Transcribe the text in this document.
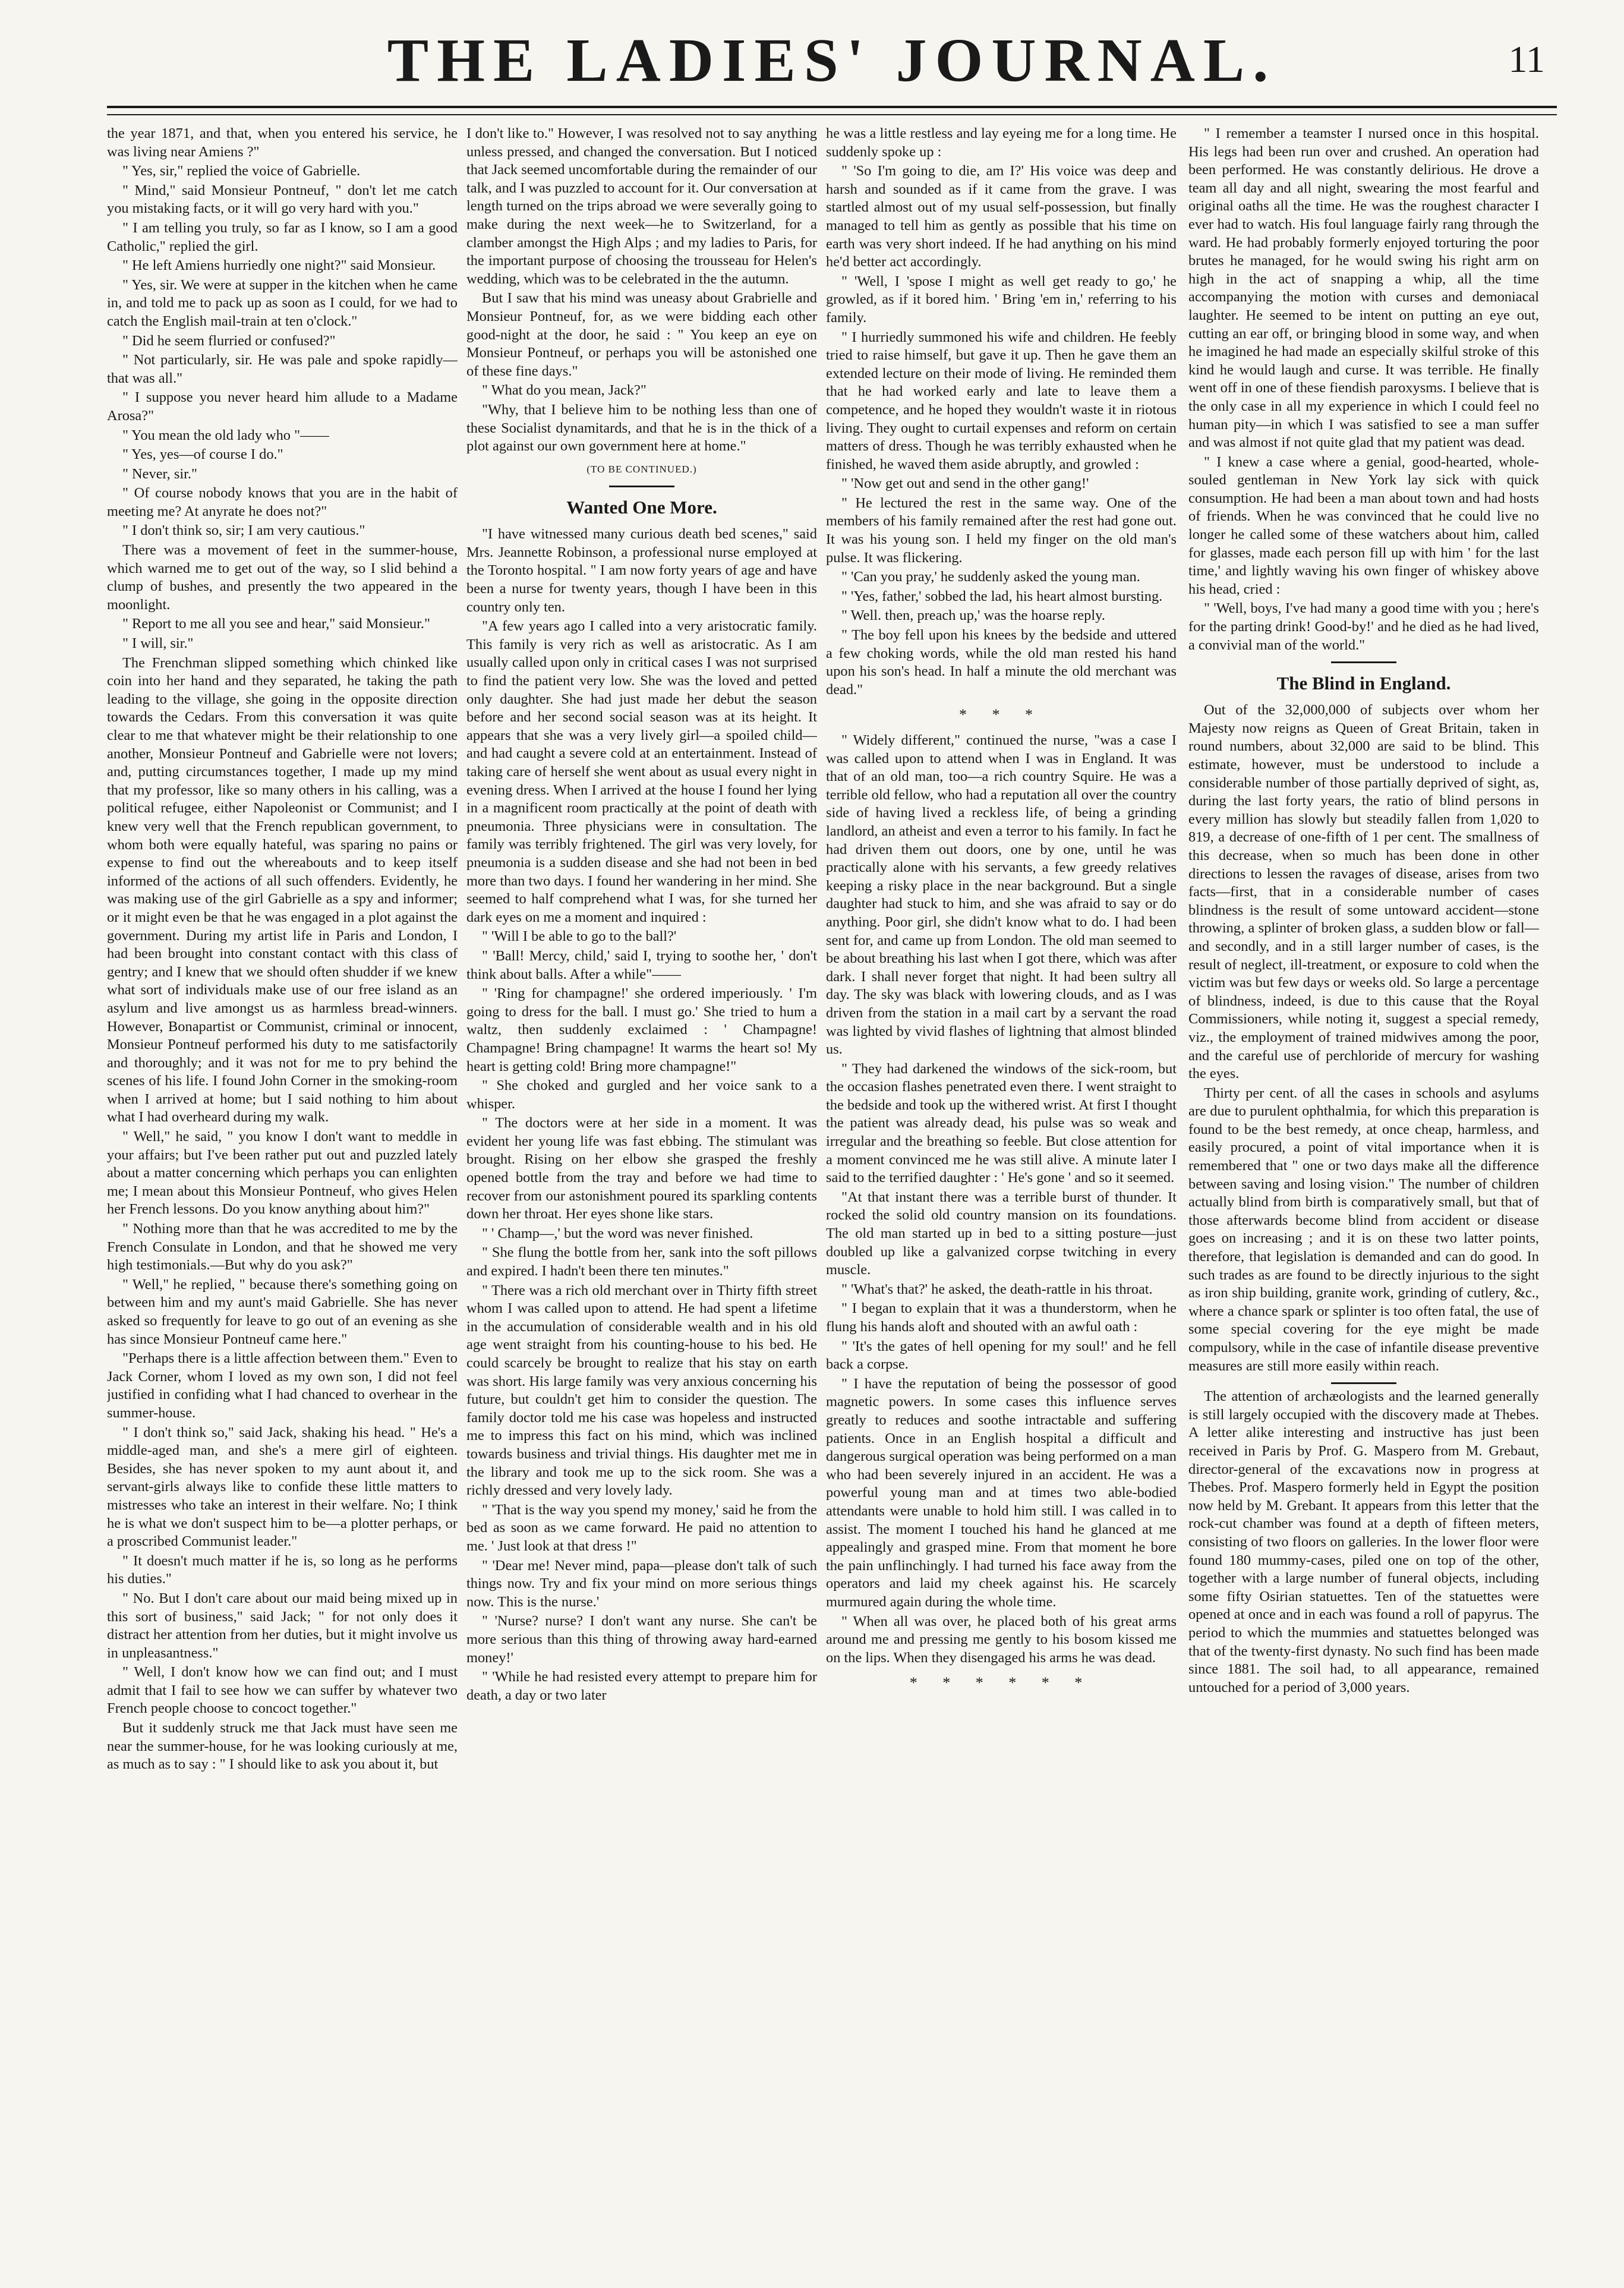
THE LADIES' JOURNAL.	11

the year 1871, and that, when you entered his service, he was living near Amiens ?"

" Yes, sir," replied the voice of Gabrielle.

" Mind," said Monsieur Pontneuf, " don't let me catch you mistaking facts, or it will go very hard with you."

" I am telling you truly, so far as I know, so I am a good Catholic," replied the girl.

" He left Amiens hurriedly one night?" said Monsieur.

" Yes, sir. We were at supper in the kitchen when he came in, and told me to pack up as soon as I could, for we had to catch the English mail-train at ten o'clock."

" Did he seem flurried or confused?"

" Not particularly, sir. He was pale and spoke rapidly—that was all."

" I suppose you never heard him allude to a Madame Arosa?"

" You mean the old lady who "——

" Yes, yes—of course I do."

" Never, sir."

" Of course nobody knows that you are in the habit of meeting me? At anyrate he does not?"

" I don't think so, sir; I am very cautious."

There was a movement of feet in the summer-house, which warned me to get out of the way, so I slid behind a clump of bushes, and presently the two appeared in the moonlight.

" Report to me all you see and hear," said Monsieur."

" I will, sir."

The Frenchman slipped something which chinked like coin into her hand and they separated, he taking the path leading to the village, she going in the opposite direction towards the Cedars. From this conversation it was quite clear to me that whatever might be their relationship to one another, Monsieur Pontneuf and Gabrielle were not lovers; and, putting circumstances together, I made up my mind that my professor, like so many others in his calling, was a political refugee, either Napoleonist or Communist; and I knew very well that the French republican government, to whom both were equally hateful, was sparing no pains or expense to find out the whereabouts and to keep itself informed of the actions of all such offenders. Evidently, he was making use of the girl Gabrielle as a spy and informer; or it might even be that he was engaged in a plot against the government. During my artist life in Paris and London, I had been brought into constant contact with this class of gentry; and I knew that we should often shudder if we knew what sort of individuals make use of our free island as an asylum and live amongst us as harmless bread-winners. However, Bonapartist or Communist, criminal or innocent, Monsieur Pontneuf performed his duty to me satisfactorily and thoroughly; and it was not for me to pry behind the scenes of his life. I found John Corner in the smoking-room when I arrived at home; but I said nothing to him about what I had overheard during my walk.

" Well," he said, " you know I don't want to meddle in your affairs; but I've been rather put out and puzzled lately about a matter concerning which perhaps you can enlighten me; I mean about this Monsieur Pontneuf, who gives Helen her French lessons. Do you know anything about him?"

" Nothing more than that he was accredited to me by the French Consulate in London, and that he showed me very high testimonials.—But why do you ask?"

" Well," he replied, " because there's something going on between him and my aunt's maid Gabrielle. She has never asked so frequently for leave to go out of an evening as she has since Monsieur Pontneuf came here."

"Perhaps there is a little affection between them." Even to Jack Corner, whom I loved as my own son, I did not feel justified in confiding what I had chanced to overhear in the summer-house.

" I don't think so," said Jack, shaking his head. " He's a middle-aged man, and she's a mere girl of eighteen. Besides, she has never spoken to my aunt about it, and servant-girls always like to confide these little matters to mistresses who take an interest in their welfare. No; I think he is what we don't suspect him to be—a plotter perhaps, or a proscribed Communist leader."

" It doesn't much matter if he is, so long as he performs his duties."

" No. But I don't care about our maid being mixed up in this sort of business," said Jack; " for not only does it distract her attention from her duties, but it might involve us in unpleasantness."

" Well, I don't know how we can find out; and I must admit that I fail to see how we can suffer by whatever two French people choose to concoct together."

But it suddenly struck me that Jack must have seen me near the summer-house, for he was looking curiously at me, as much as to say : " I should like to ask you about it, but

I don't like to." However, I was resolved not to say anything unless pressed, and changed the conversation. But I noticed that Jack seemed uncomfortable during the remainder of our talk, and I was puzzled to account for it. Our conversation at length turned on the trips abroad we were severally going to make during the next week—he to Switzerland, for a clamber amongst the High Alps ; and my ladies to Paris, for the important purpose of choosing the trousseau for Helen's wedding, which was to be celebrated in the the autumn.

But I saw that his mind was uneasy about Grabrielle and Monsieur Pontneuf, for, as we were bidding each other good-night at the door, he said : " You keep an eye on Monsieur Pontneuf, or perhaps you will be astonished one of these fine days."

" What do you mean, Jack?"

"Why, that I believe him to be nothing less than one of these Socialist dynamitards, and that he is in the thick of a plot against our own government here at home."

(TO BE CONTINUED.)
Wanted One More.

"I have witnessed many curious death bed scenes," said Mrs. Jeannette Robinson, a professional nurse employed at the Toronto hospital. " I am now forty years of age and have been a nurse for twenty years, though I have been in this country only ten.

"A few years ago I called into a very aristocratic family. This family is very rich as well as aristocratic. As I am usually called upon only in critical cases I was not surprised to find the patient very low. She was the loved and petted only daughter. She had just made her debut the season before and her second social season was at its height. It appears that she was a very lively girl—a spoiled child—and had caught a severe cold at an entertainment. Instead of taking care of herself she went about as usual every night in evening dress. When I arrived at the house I found her lying in a magnificent room practically at the point of death with pneumonia. Three physicians were in consultation. The family was terribly frightened. The girl was very lovely, for pneumonia is a sudden disease and she had not been in bed more than two days. I found her wandering in her mind. She seemed to half comprehend what I was, for she turned her dark eyes on me a moment and inquired :

" 'Will I be able to go to the ball?'

" 'Ball! Mercy, child,' said I, trying to soothe her, ' don't think about balls. After a while"——

" 'Ring for champagne!' she ordered imperiously. ' I'm going to dress for the ball. I must go.' She tried to hum a waltz, then suddenly exclaimed : ' Champagne! Champagne! Bring champagne! It warms the heart so! My heart is getting cold! Bring more champagne!"

" She choked and gurgled and her voice sank to a whisper.

" The doctors were at her side in a moment. It was evident her young life was fast ebbing. The stimulant was brought. Rising on her elbow she grasped the freshly opened bottle from the tray and before we had time to recover from our astonishment poured its sparkling contents down her throat. Her eyes shone like stars.

" ' Champ—,' but the word was never finished.

" She flung the bottle from her, sank into the soft pillows and expired. I hadn't been there ten minutes."

" There was a rich old merchant over in Thirty fifth street whom I was called upon to attend. He had spent a lifetime in the accumulation of considerable wealth and in his old age went straight from his counting-house to his bed. He could scarcely be brought to realize that his stay on earth was short. His large family was very anxious concerning his future, but couldn't get him to consider the question. The family doctor told me his case was hopeless and instructed me to impress this fact on his mind, which was inclined towards business and trivial things. His daughter met me in the library and took me up to the sick room. She was a richly dressed and very lovely lady.

" 'That is the way you spend my money,' said he from the bed as soon as we came forward. He paid no attention to me. ' Just look at that dress !"

" 'Dear me! Never mind, papa—please don't talk of such things now. Try and fix your mind on more serious things now. This is the nurse.'

" 'Nurse? nurse? I don't want any nurse. She can't be more serious than this thing of throwing away hard-earned money!'

" 'While he had resisted every attempt to prepare him for death, a day or two later

he was a little restless and lay eyeing me for a long time. He suddenly spoke up :

" 'So I'm going to die, am I?' His voice was deep and harsh and sounded as if it came from the grave. I was startled almost out of my usual self-possession, but finally managed to tell him as gently as possible that his time on earth was very short indeed. If he had anything on his mind he'd better act accordingly.

" 'Well, I 'spose I might as well get ready to go,' he growled, as if it bored him. ' Bring 'em in,' referring to his family.

" I hurriedly summoned his wife and children. He feebly tried to raise himself, but gave it up. Then he gave them an extended lecture on their mode of living. He reminded them that he had worked early and late to leave them a competence, and he hoped they wouldn't waste it in riotous living. They ought to curtail expenses and reform on certain matters of dress. Though he was terribly exhausted when he finished, he waved them aside abruptly, and growled :

" 'Now get out and send in the other gang!'

" He lectured the rest in the same way. One of the members of his family remained after the rest had gone out. It was his young son. I held my finger on the old man's pulse. It was flickering.

" 'Can you pray,' he suddenly asked the young man.

" 'Yes, father,' sobbed the lad, his heart almost bursting.

" Well. then, preach up,' was the hoarse reply.

" The boy fell upon his knees by the bedside and uttered a few choking words, while the old man rested his hand upon his son's head. In half a minute the old merchant was dead."

* * *

" Widely different," continued the nurse, "was a case I was called upon to attend when I was in England. It was that of an old man, too—a rich country Squire. He was a terrible old fellow, who had a reputation all over the country side of having lived a reckless life, of being a grinding landlord, an atheist and even a terror to his family. In fact he had driven them out doors, one by one, until he was practically alone with his servants, a few greedy relatives keeping a risky place in the near background. But a single daughter had stuck to him, and she was afraid to say or do anything. Poor girl, she didn't know what to do. I had been sent for, and came up from London. The old man seemed to be about breathing his last when I got there, which was after dark. I shall never forget that night. It had been sultry all day. The sky was black with lowering clouds, and as I was driven from the station in a mail cart by a servant the road was lighted by vivid flashes of lightning that almost blinded us.

" They had darkened the windows of the sick-room, but the occasion flashes penetrated even there. I went straight to the bedside and took up the withered wrist. At first I thought the patient was already dead, his pulse was so weak and irregular and the breathing so feeble. But close attention for a moment convinced me he was still alive. A minute later I said to the terrified daughter : ' He's gone ' and so it seemed.

"At that instant there was a terrible burst of thunder. It rocked the solid old country mansion on its foundations. The old man started up in bed to a sitting posture—just doubled up like a galvanized corpse twitching in every muscle.

" 'What's that?' he asked, the death-rattle in his throat.

" I began to explain that it was a thunderstorm, when he flung his hands aloft and shouted with an awful oath :

" 'It's the gates of hell opening for my soul!' and he fell back a corpse.

" I have the reputation of being the possessor of good magnetic powers. In some cases this influence serves greatly to reduces and soothe intractable and suffering patients. Once in an English hospital a difficult and dangerous surgical operation was being performed on a man who had been severely injured in an accident. He was a powerful young man and at times two able-bodied attendants were unable to hold him still. I was called in to assist. The moment I touched his hand he glanced at me appealingly and grasped mine. From that moment he bore the pain unflinchingly. I had turned his face away from the operators and laid my cheek against his. He scarcely murmured again during the whole time.

" When all was over, he placed both of his great arms around me and pressing me gently to his bosom kissed me on the lips. When they disengaged his arms he was dead.

* * * * * *

" I remember a teamster I nursed once in this hospital. His legs had been run over and crushed. An operation had been performed. He was constantly delirious. He drove a team all day and all night, swearing the most fearful and original oaths all the time. He was the roughest character I ever had to watch. His foul language fairly rang through the ward. He had probably formerly enjoyed torturing the poor brutes he managed, for he would swing his right arm on high in the act of snapping a whip, all the time accompanying the motion with curses and demoniacal laughter. He seemed to be intent on putting an eye out, cutting an ear off, or bringing blood in some way, and when he imagined he had made an especially skilful stroke of this kind he would laugh and curse. It was terrible. He finally went off in one of these fiendish paroxysms. I believe that is the only case in all my experience in which I could feel no human pity—in which I was satisfied to see a man suffer and was almost if not quite glad that my patient was dead.

" I knew a case where a genial, good-hearted, whole-souled gentleman in New York lay sick with quick consumption. He had been a man about town and had hosts of friends. When he was convinced that he could live no longer he called some of these watchers about him, called for glasses, made each person fill up with him ' for the last time,' and lightly waving his own finger of whiskey above his head, cried :

" 'Well, boys, I've had many a good time with you ; here's for the parting drink! Good-by!' and he died as he had lived, a convivial man of the world."

The Blind in England.

Out of the 32,000,000 of subjects over whom her Majesty now reigns as Queen of Great Britain, taken in round numbers, about 32,000 are said to be blind. This estimate, however, must be understood to include a considerable number of those partially deprived of sight, as, during the last forty years, the ratio of blind persons in every million has slowly but steadily fallen from 1,020 to 819, a decrease of one-fifth of 1 per cent. The smallness of this decrease, when so much has been done in other directions to lessen the ravages of disease, arises from two facts—first, that in a considerable number of cases blindness is the result of some untoward accident—stone throwing, a splinter of broken glass, a sudden blow or fall—and secondly, and in a still larger number of cases, is the result of neglect, ill-treatment, or exposure to cold when the victim was but few days or weeks old. So large a percentage of blindness, indeed, is due to this cause that the Royal Commissioners, while noting it, suggest a special remedy, viz., the employment of trained midwives among the poor, and the careful use of perchloride of mercury for washing the eyes.

Thirty per cent. of all the cases in schools and asylums are due to purulent ophthalmia, for which this preparation is found to be the best remedy, at once cheap, harmless, and easily procured, a point of vital importance when it is remembered that " one or two days make all the difference between saving and losing vision." The number of children actually blind from birth is comparatively small, but that of those afterwards become blind from accident or disease goes on increasing ; and it is on these two latter points, therefore, that legislation is demanded and can do good. In such trades as are found to be directly injurious to the sight as iron ship building, granite work, grinding of cutlery, &c., where a chance spark or splinter is too often fatal, the use of some special covering for the eye might be made compulsory, while in the case of infantile disease preventive measures are still more easily within reach.

The attention of archæologists and the learned generally is still largely occupied with the discovery made at Thebes. A letter alike interesting and instructive has just been received in Paris by Prof. G. Maspero from M. Grebaut, director-general of the excavations now in progress at Thebes. Prof. Maspero formerly held in Egypt the position now held by M. Grebant. It appears from this letter that the rock-cut chamber was found at a depth of fifteen meters, consisting of two floors on galleries. In the lower floor were found 180 mummy-cases, piled one on top of the other, together with a large number of funeral objects, including some fifty Osirian statuettes. Ten of the statuettes were opened at once and in each was found a roll of papyrus. The period to which the mummies and statuettes belonged was that of the twenty-first dynasty. No such find has been made since 1881. The soil had, to all appearance, remained untouched for a period of 3,000 years.
